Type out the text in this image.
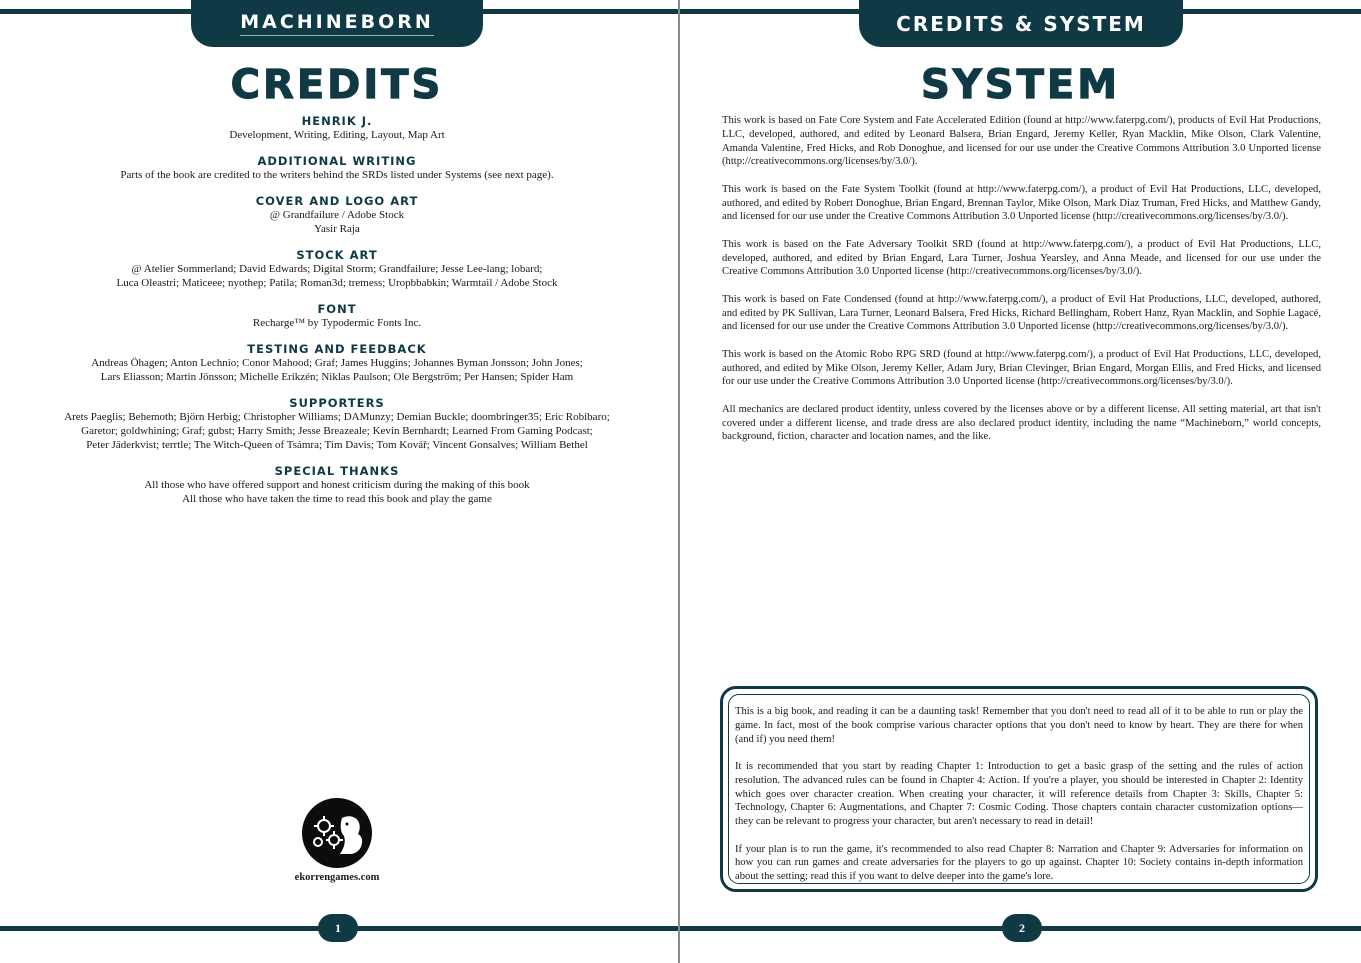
MACHINEBORN
CREDITS
HENRIK J.
Development, Writing, Editing, Layout, Map Art
ADDITIONAL WRITING
Parts of the book are credited to the writers behind the SRDs listed under Systems (see next page).
COVER AND LOGO ART
@ Grandfailure / Adobe Stock
Yasir Raja
STOCK ART
@ Atelier Sommerland; David Edwards; Digital Storm; Grandfailure; Jesse Lee-lang; lobard;
Luca Oleastri; Maticeee; nyothep; Patila; Roman3d; tremess; Uropbbabkin; Warmtail / Adobe Stock
FONT
Recharge™ by Typodermic Fonts Inc.
TESTING AND FEEDBACK
Andreas Öhagen; Anton Lechnio; Conor Mahood; Graf; James Huggins; Johannes Byman Jonsson; John Jones;
Lars Eliasson; Martin Jönsson; Michelle Erikzén; Niklas Paulson; Ole Bergström; Per Hansen; Spider Ham
SUPPORTERS
Arets Paeglis; Behemoth; Björn Herbig; Christopher Williams; DAMunzy; Demian Buckle; doombringer35; Eric Robibaro;
Garetor; goldwhining; Graf; gubst; Harry Smith; Jesse Breazeale; Kevin Bernhardt; Learned From Gaming Podcast;
Peter Jäderkvist; terrtle; The Witch-Queen of Tsámra; Tim Davis; Tom Kovář; Vincent Gonsalves; William Bethel
SPECIAL THANKS
All those who have offered support and honest criticism during the making of this book
All those who have taken the time to read this book and play the game
ekorrengames.com
1
CREDITS & SYSTEM
SYSTEM

This work is based on Fate Core System and Fate Accelerated Edition (found at http://www.faterpg.com/), products of Evil Hat Productions, LLC, developed, authored, and edited by Leonard Balsera, Brian Engard, Jeremy Keller, Ryan Macklin, Mike Olson, Clark Valentine, Amanda Valentine, Fred Hicks, and Rob Donoghue, and licensed for our use under the Creative Commons Attribution 3.0 Unported license (http://creativecommons.org/licenses/by/3.0/).

This work is based on the Fate System Toolkit (found at http://www.faterpg.com/), a product of Evil Hat Productions, LLC, developed, authored, and edited by Robert Donoghue, Brian Engard, Brennan Taylor, Mike Olson, Mark Diaz Truman, Fred Hicks, and Matthew Gandy, and licensed for our use under the Creative Commons Attribution 3.0 Unported license (http://creativecommons.org/licenses/by/3.0/).

This work is based on the Fate Adversary Toolkit SRD (found at http://www.faterpg.com/), a product of Evil Hat Productions, LLC, developed, authored, and edited by Brian Engard, Lara Turner, Joshua Yearsley, and Anna Meade, and licensed for our use under the Creative Commons Attribution 3.0 Unported license (http://creativecommons.org/licenses/by/3.0/).

This work is based on Fate Condensed (found at http://www.faterpg.com/), a product of Evil Hat Productions, LLC, developed, authored, and edited by PK Sullivan, Lara Turner, Leonard Balsera, Fred Hicks, Richard Bellingham, Robert Hanz, Ryan Macklin, and Sophie Lagacé, and licensed for our use under the Creative Commons Attribution 3.0 Unported license (http://creativecommons.org/licenses/by/3.0/).

This work is based on the Atomic Robo RPG SRD (found at http://www.faterpg.com/), a product of Evil Hat Productions, LLC, developed, authored, and edited by Mike Olson, Jeremy Keller, Adam Jury, Brian Clevinger, Brian Engard, Morgan Ellis, and Fred Hicks, and licensed for our use under the Creative Commons Attribution 3.0 Unported license (http://creativecommons.org/licenses/by/3.0/).

All mechanics are declared product identity, unless covered by the licenses above or by a different license. All setting material, art that isn't covered under a different license, and trade dress are also declared product identity, including the name “Machineborn,” world concepts, background, fiction, character and location names, and the like.

This is a big book, and reading it can be a daunting task! Remember that you don't need to read all of it to be able to run or play the game. In fact, most of the book comprise various character options that you don't need to know by heart. They are there for when (and if) you need them!

It is recommended that you start by reading Chapter 1: Introduction to get a basic grasp of the setting and the rules of action resolution. The advanced rules can be found in Chapter 4: Action. If you're a player, you should be interested in Chapter 2: Identity which goes over character creation. When creating your character, it will reference details from Chapter 3: Skills, Chapter 5: Technology, Chapter 6: Augmentations, and Chapter 7: Cosmic Coding. Those chapters contain character customization options—they can be relevant to progress your character, but aren't necessary to read in detail!

If your plan is to run the game, it's recommended to also read Chapter 8: Narration and Chapter 9: Adversaries for information on how you can run games and create adversaries for the players to go up against. Chapter 10: Society contains in-depth information about the setting; read this if you want to delve deeper into the game's lore.

2
